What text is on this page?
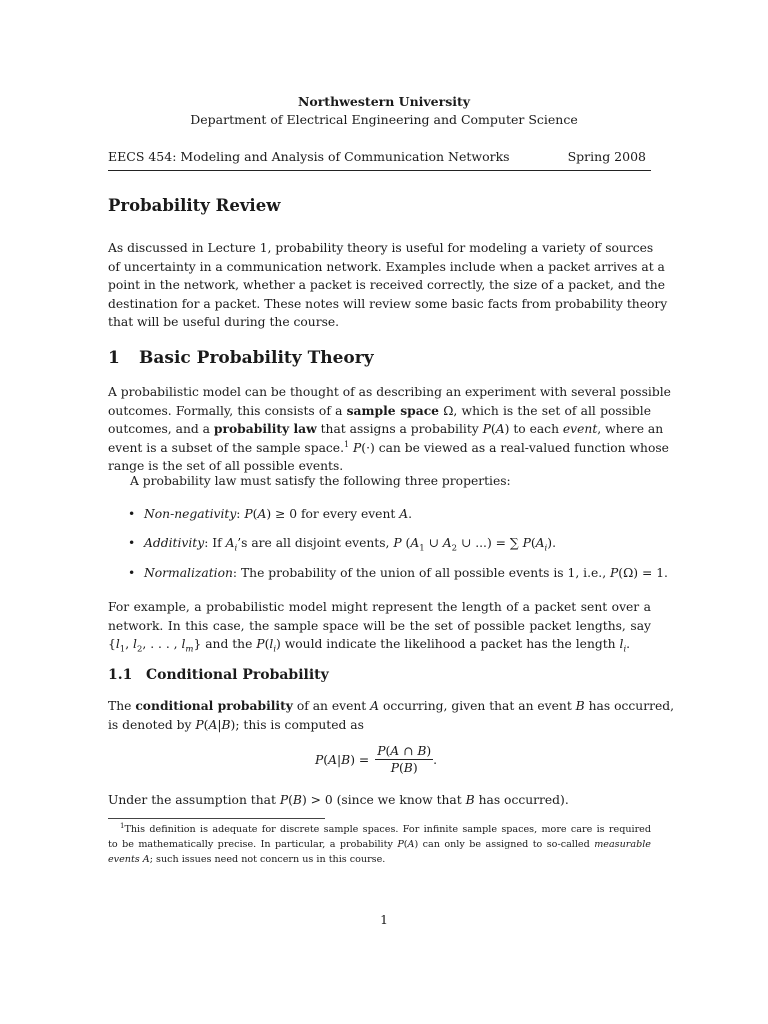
Northwestern University
Department of Electrical Engineering and Computer Science
EECS 454: Modeling and Analysis of Communication Networks	Spring 2008
Probability Review

As discussed in Lecture 1, probability theory is useful for modeling a variety of sources
of uncertainty in a communication network. Examples include when a packet arrives at a
point in the network, whether a packet is received correctly, the size of a packet, and the
destination for a packet. These notes will review some basic facts from probability theory
that will be useful during the course.

1 Basic Probability Theory

A probabilistic model can be thought of as describing an experiment with several possible
outcomes. Formally, this consists of a sample space Ω, which is the set of all possible
outcomes, and a probability law that assigns a probability P(A) to each event, where an
event is a subset of the sample space.$^1$ P(·) can be viewed as a real-valued function whose
range is the set of all possible events.

A probability law must satisfy the following three properties:
• Non-negativity: P(A) ≥ 0 for every event A.
• Additivity: If $A_i’s$ are all disjoint events, P ($A_1$ ∪ $A_2$ ∪ ...) = ∑ $P(A_i)$.
• Normalization: The probability of the union of all possible events is 1, i.e., P(Ω) = 1.

For example, a probabilistic model might represent the length of a packet sent over a
network. In this case, the sample space will be the set of possible packet lengths, say
{$l_1$, $l_2$, . . . , $l_m$} and the $P(l_i)$ would indicate the likelihood a packet has the length $l_i$.

1.1 Conditional Probability

The conditional probability of an event A occurring, given that an event B has occurred,
is denoted by P(A|B); this is computed as

$P(A|B) = \frac{P(A \cap B)}{P(B)}$ .
Under the assumption that P(B) > 0 (since we know that B has occurred).

$^1$This definition is adequate for discrete sample spaces. For infinite sample spaces, more care is required
to be mathematically precise. In particular, a probability P(A) can only be assigned to so-called measurable
events A; such issues need not concern us in this course.

1
